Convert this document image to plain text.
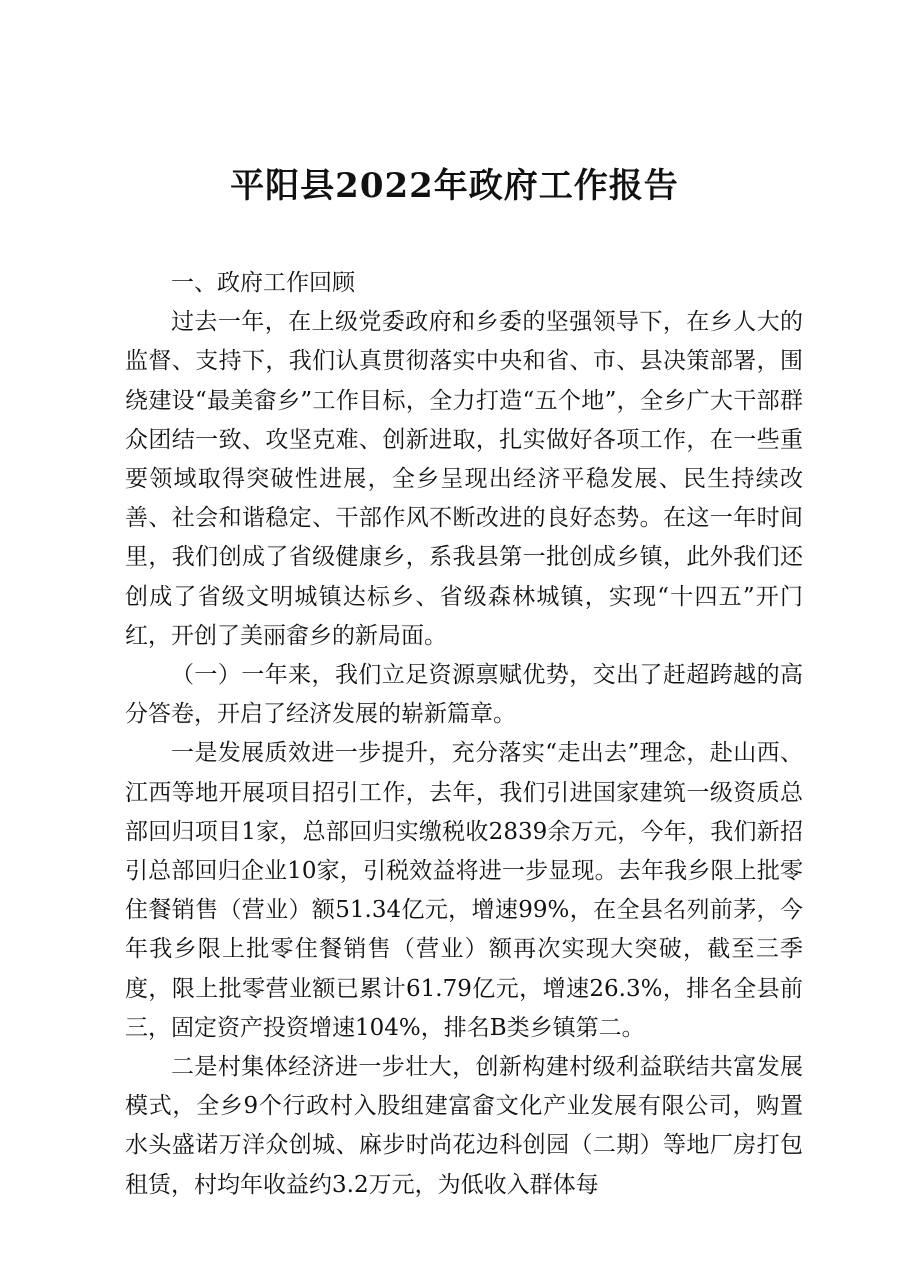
平阳县2022年政府工作报告
一、政府工作回顾

过去一年，在上级党委政府和乡委的坚强领导下，在乡人大的监督、支持下，我们认真贯彻落实中央和省、市、县决策部署，围绕建设“最美畲乡”工作目标，全力打造“五个地”，全乡广大干部群众团结一致、攻坚克难、创新进取，扎实做好各项工作，在一些重要领域取得突破性进展，全乡呈现出经济平稳发展、民生持续改善、社会和谐稳定、干部作风不断改进的良好态势。在这一年时间里，我们创成了省级健康乡，系我县第一批创成乡镇，此外我们还创成了省级文明城镇达标乡、省级森林城镇，实现“十四五”开门红，开创了美丽畲乡的新局面。

（一）一年来，我们立足资源禀赋优势，交出了赶超跨越的高分答卷，开启了经济发展的崭新篇章。

一是发展质效进一步提升，充分落实“走出去”理念，赴山西、江西等地开展项目招引工作，去年，我们引进国家建筑一级资质总部回归项目1家，总部回归实缴税收2839余万元，今年，我们新招引总部回归企业10家，引税效益将进一步显现。去年我乡限上批零住餐销售（营业）额51.34亿元，增速99%，在全县名列前茅，今年我乡限上批零住餐销售（营业）额再次实现大突破，截至三季度，限上批零营业额已累计61.79亿元，增速26.3%，排名全县前三，固定资产投资增速104%，排名B类乡镇第二。

二是村集体经济进一步壮大，创新构建村级利益联结共富发展模式，全乡9个行政村入股组建富畲文化产业发展有限公司，购置水头盛诺万洋众创城、麻步时尚花边科创园（二期）等地厂房打包租赁，村均年收益约3.2万元，为低收入群体每
